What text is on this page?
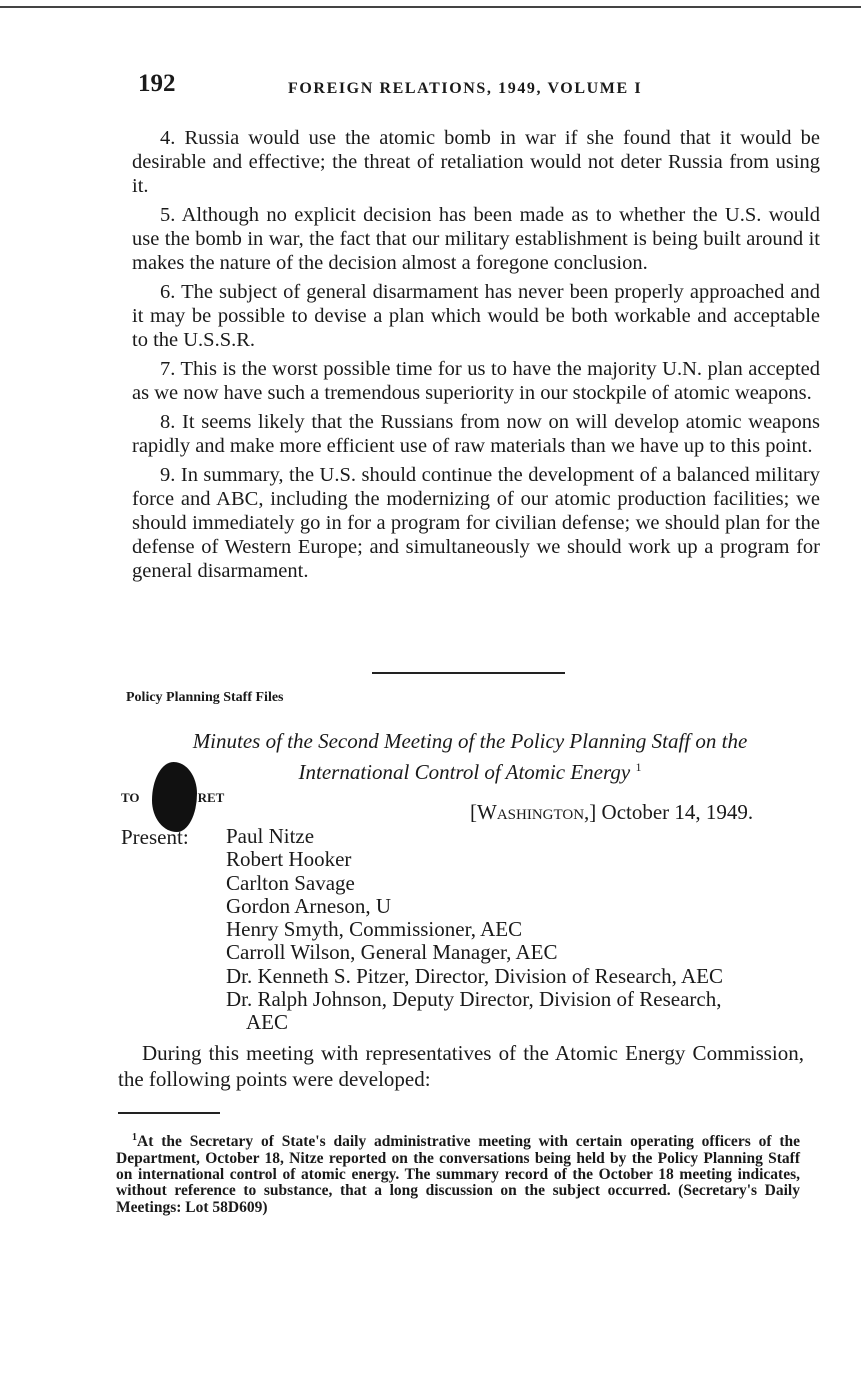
192	FOREIGN RELATIONS, 1949, VOLUME I

4. Russia would use the atomic bomb in war if she found that it would be desirable and effective; the threat of retaliation would not deter Russia from using it.

5. Although no explicit decision has been made as to whether the U.S. would use the bomb in war, the fact that our military establishment is being built around it makes the nature of the decision almost a foregone conclusion.

6. The subject of general disarmament has never been properly approached and it may be possible to devise a plan which would be both workable and acceptable to the U.S.S.R.

7. This is the worst possible time for us to have the majority U.N. plan accepted as we now have such a tremendous superiority in our stockpile of atomic weapons.

8. It seems likely that the Russians from now on will develop atomic weapons rapidly and make more efficient use of raw materials than we have up to this point.

9. In summary, the U.S. should continue the development of a balanced military force and ABC, including the modernizing of our atomic production facilities; we should immediately go in for a program for civilian defense; we should plan for the defense of Western Europe; and simultaneously we should work up a program for general disarmament.

Policy Planning Staff Files
Minutes of the Second Meeting of the Policy Planning Staff on the
International Control of Atomic Energy $^1$
TO	RET
[Washington,] October 14, 1949.
Present: Paul Nitze
Robert Hooker
Carlton Savage
Gordon Arneson, U
Henry Smyth, Commissioner, AEC
Carroll Wilson, General Manager, AEC
Dr. Kenneth S. Pitzer, Director, Division of Research, AEC
Dr. Ralph Johnson, Deputy Director, Division of Research,
AEC

During this meeting with representatives of the Atomic Energy Commission, the following points were developed:

$^1$At the Secretary of State's daily administrative meeting with certain operating officers of the Department, October 18, Nitze reported on the conversations being held by the Policy Planning Staff on international control of atomic energy. The summary record of the October 18 meeting indicates, without reference to substance, that a long discussion on the subject occurred. (Secretary's Daily Meetings: Lot 58D609)
